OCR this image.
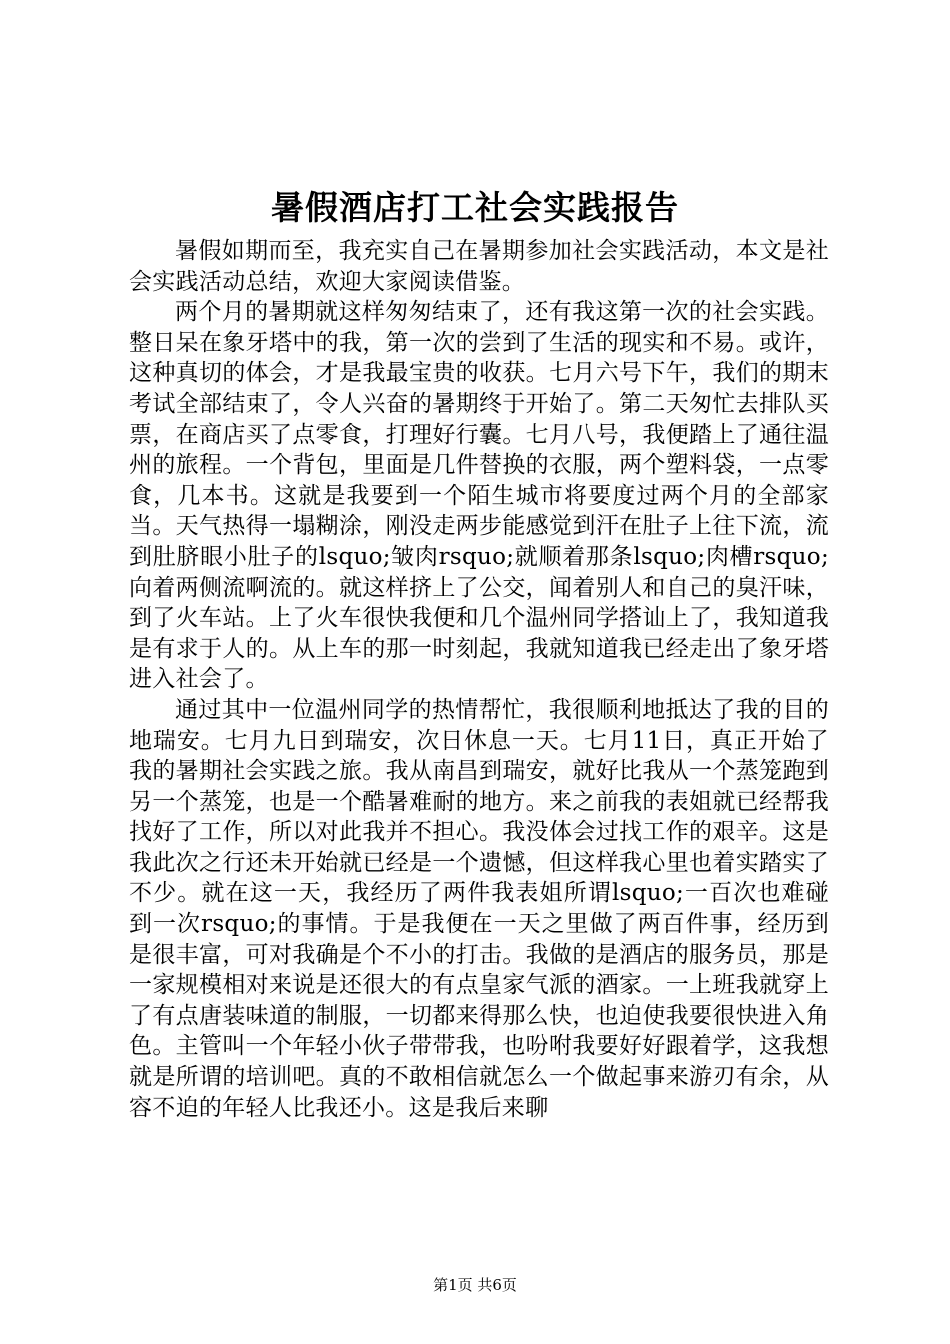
暑假酒店打工社会实践报告

暑假如期而至，我充实自己在暑期参加社会实践活动，本文是社会实践活动总结，欢迎大家阅读借鉴。

两个月的暑期就这样匆匆结束了，还有我这第一次的社会实践。整日呆在象牙塔中的我，第一次的尝到了生活的现实和不易。或许，这种真切的体会，才是我最宝贵的收获。七月六号下午，我们的期末考试全部结束了，令人兴奋的暑期终于开始了。第二天匆忙去排队买票，在商店买了点零食，打理好行囊。七月八号，我便踏上了通往温州的旅程。一个背包，里面是几件替换的衣服，两个塑料袋，一点零食，几本书。这就是我要到一个陌生城市将要度过两个月的全部家当。天气热得一塌糊涂，刚没走两步能感觉到汗在肚子上往下流，流到肚脐眼小肚子的lsquo;皱肉rsquo;就顺着那条lsquo;肉槽rsquo;向着两侧流啊流的。就这样挤上了公交，闻着别人和自己的臭汗味，到了火车站。上了火车很快我便和几个温州同学搭讪上了，我知道我是有求于人的。从上车的那一时刻起，我就知道我已经走出了象牙塔进入社会了。

通过其中一位温州同学的热情帮忙，我很顺利地抵达了我的目的地瑞安。七月九日到瑞安，次日休息一天。七月11日，真正开始了我的暑期社会实践之旅。我从南昌到瑞安，就好比我从一个蒸笼跑到另一个蒸笼，也是一个酷暑难耐的地方。来之前我的表姐就已经帮我找好了工作，所以对此我并不担心。我没体会过找工作的艰辛。这是我此次之行还未开始就已经是一个遗憾，但这样我心里也着实踏实了不少。就在这一天，我经历了两件我表姐所谓lsquo;一百次也难碰到一次rsquo;的事情。于是我便在一天之里做了两百件事，经历到是很丰富，可对我确是个不小的打击。我做的是酒店的服务员，那是一家规模相对来说是还很大的有点皇家气派的酒家。一上班我就穿上了有点唐装味道的制服，一切都来得那么快，也迫使我要很快进入角色。主管叫一个年轻小伙子带带我，也吩咐我要好好跟着学，这我想就是所谓的培训吧。真的不敢相信就怎么一个做起事来游刃有余，从容不迫的年轻人比我还小。这是我后来聊

第1页 共6页
